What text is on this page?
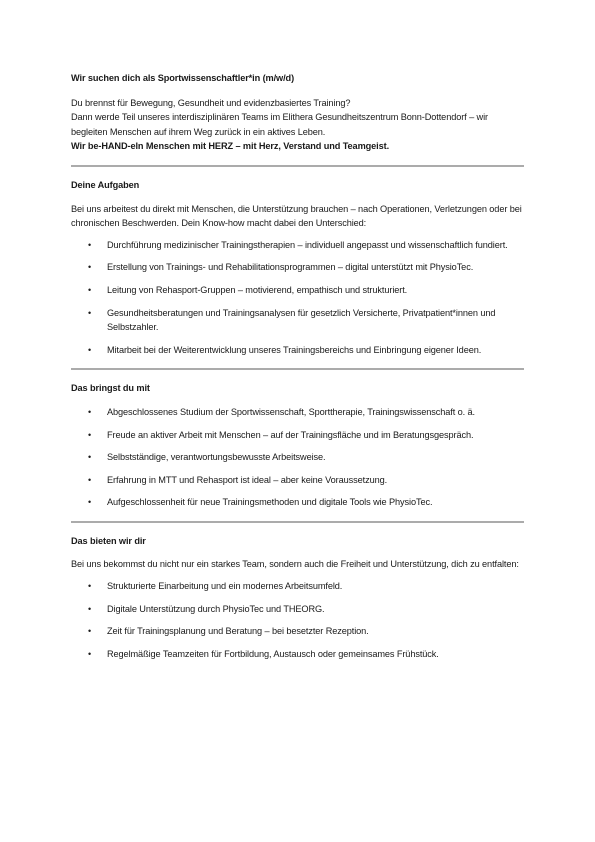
Wir suchen dich als Sportwissenschaftler*in (m/w/d)

Du brennst für Bewegung, Gesundheit und evidenzbasiertes Training?

Dann werde Teil unseres interdisziplinären Teams im Elithera Gesundheitszentrum Bonn-Dottendorf – wir begleiten Menschen auf ihrem Weg zurück in ein aktives Leben.

Wir be-HAND-eln Menschen mit HERZ – mit Herz, Verstand und Teamgeist.

Deine Aufgaben

Bei uns arbeitest du direkt mit Menschen, die Unterstützung brauchen – nach Operationen, Verletzungen oder bei chronischen Beschwerden. Dein Know-how macht dabei den Unterschied:

• Durchführung medizinischer Trainingstherapien – individuell angepasst und wissenschaftlich fundiert.
• Erstellung von Trainings- und Rehabilitationsprogrammen – digital unterstützt mit PhysioTec.
• Leitung von Rehasport-Gruppen – motivierend, empathisch und strukturiert.
• Gesundheitsberatungen und Trainingsanalysen für gesetzlich Versicherte, Privatpatient*innen und Selbstzahler.
• Mitarbeit bei der Weiterentwicklung unseres Trainingsbereichs und Einbringung eigener Ideen.

Das bringst du mit

• Abgeschlossenes Studium der Sportwissenschaft, Sporttherapie, Trainingswissenschaft o. ä.
• Freude an aktiver Arbeit mit Menschen – auf der Trainingsfläche und im Beratungsgespräch.
• Selbstständige, verantwortungsbewusste Arbeitsweise.
• Erfahrung in MTT und Rehasport ist ideal – aber keine Voraussetzung.
• Aufgeschlossenheit für neue Trainingsmethoden und digitale Tools wie PhysioTec.

Das bieten wir dir

Bei uns bekommst du nicht nur ein starkes Team, sondern auch die Freiheit und Unterstützung, dich zu entfalten:

• Strukturierte Einarbeitung und ein modernes Arbeitsumfeld.
• Digitale Unterstützung durch PhysioTec und THEORG.
• Zeit für Trainingsplanung und Beratung – bei besetzter Rezeption.
• Regelmäßige Teamzeiten für Fortbildung, Austausch oder gemeinsames Frühstück.
